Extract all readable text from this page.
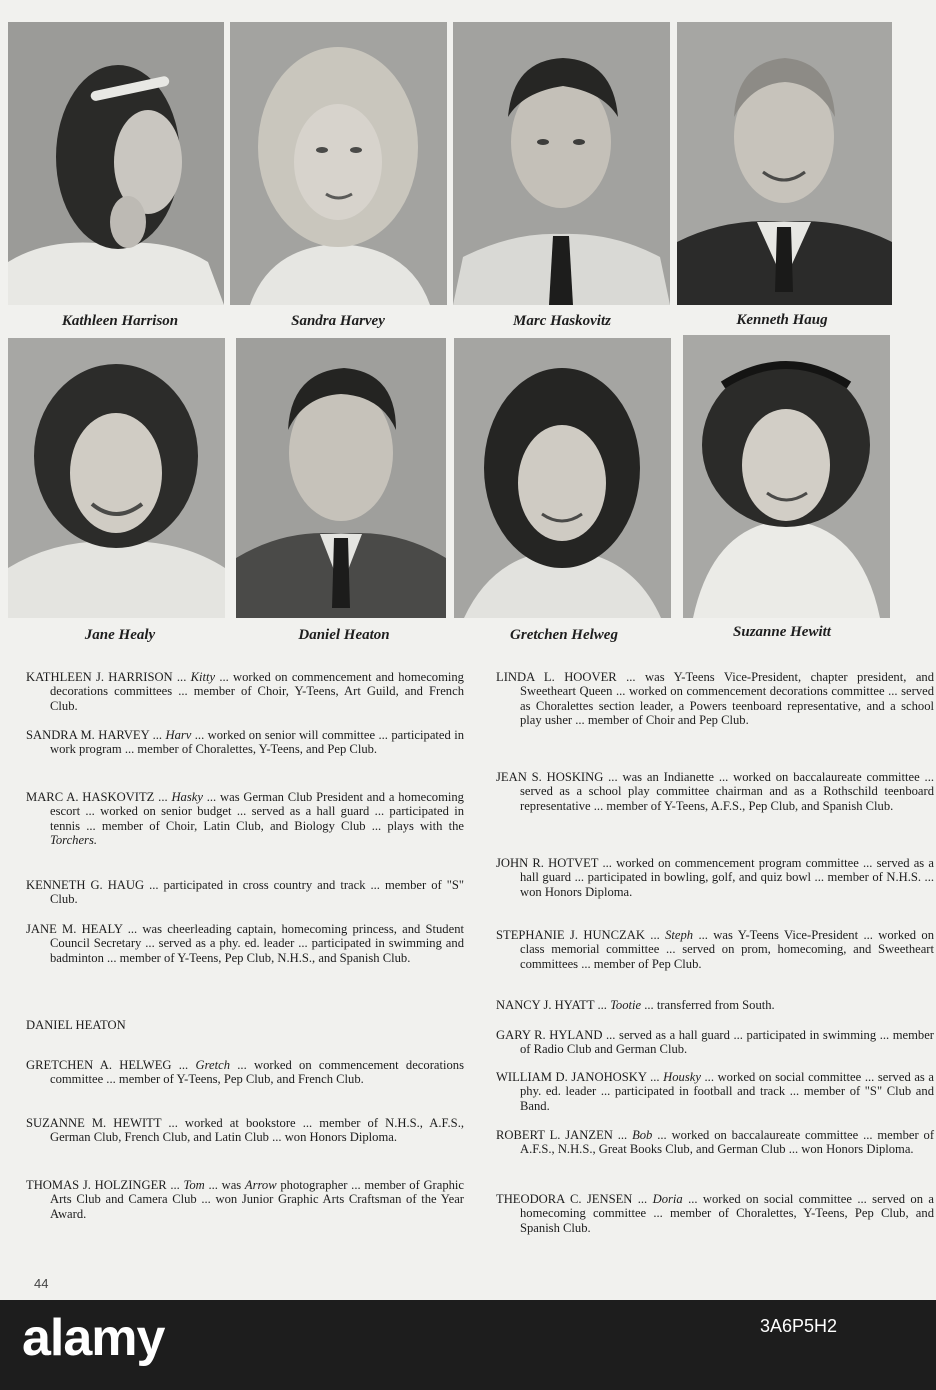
Kathleen Harrison	Sandra Harvey	Marc Haskovitz	Kenneth Haug
Jane Healy	Daniel Heaton	Gretchen Helweg	Suzanne Hewitt
KATHLEEN J. HARRISON ... Kitty ... worked on commencement and homecoming decorations committees ... member of Choir, Y-Teens, Art Guild, and French Club.
SANDRA M. HARVEY ... Harv ... worked on senior will committee ... participated in work program ... member of Choralettes, Y-Teens, and Pep Club.
MARC A. HASKOVITZ ... Hasky ... was German Club President and a homecoming escort ... worked on senior budget ... served as a hall guard ... participated in tennis ... member of Choir, Latin Club, and Biology Club ... plays with the Torchers.
KENNETH G. HAUG ... participated in cross country and track ... member of "S" Club.
JANE M. HEALY ... was cheerleading captain, homecoming princess, and Student Council Secretary ... served as a phy. ed. leader ... participated in swimming and badminton ... member of Y-Teens, Pep Club, N.H.S., and Spanish Club.
DANIEL HEATON
GRETCHEN A. HELWEG ... Gretch ... worked on commencement decorations committee ... member of Y-Teens, Pep Club, and French Club.
SUZANNE M. HEWITT ... worked at bookstore ... member of N.H.S., A.F.S., German Club, French Club, and Latin Club ... won Honors Diploma.
THOMAS J. HOLZINGER ... Tom ... was Arrow photographer ... member of Graphic Arts Club and Camera Club ... won Junior Graphic Arts Craftsman of the Year Award.
LINDA L. HOOVER ... was Y-Teens Vice-President, chapter president, and Sweetheart Queen ... worked on commencement decorations committee ... served as Choralettes section leader, a Powers teenboard representative, and a school play usher ... member of Choir and Pep Club.
JEAN S. HOSKING ... was an Indianette ... worked on baccalaureate committee ... served as a school play committee chairman and as a Rothschild teenboard representative ... member of Y-Teens, A.F.S., Pep Club, and Spanish Club.
JOHN R. HOTVET ... worked on commencement program committee ... served as a hall guard ... participated in bowling, golf, and quiz bowl ... member of N.H.S. ... won Honors Diploma.
STEPHANIE J. HUNCZAK ... Steph ... was Y-Teens Vice-President ... worked on class memorial committee ... served on prom, homecoming, and Sweetheart committees ... member of Pep Club.
NANCY J. HYATT ... Tootie ... transferred from South.
GARY R. HYLAND ... served as a hall guard ... participated in swimming ... member of Radio Club and German Club.
WILLIAM D. JANOHOSKY ... Housky ... worked on social committee ... served as a phy. ed. leader ... participated in football and track ... member of "S" Club and Band.
ROBERT L. JANZEN ... Bob ... worked on baccalaureate committee ... member of A.F.S., N.H.S., Great Books Club, and German Club ... won Honors Diploma.
THEODORA C. JENSEN ... Doria ... worked on social committee ... served on a homecoming committee ... member of Choralettes, Y-Teens, Pep Club, and Spanish Club.
44
alamy	3A6P5H2
